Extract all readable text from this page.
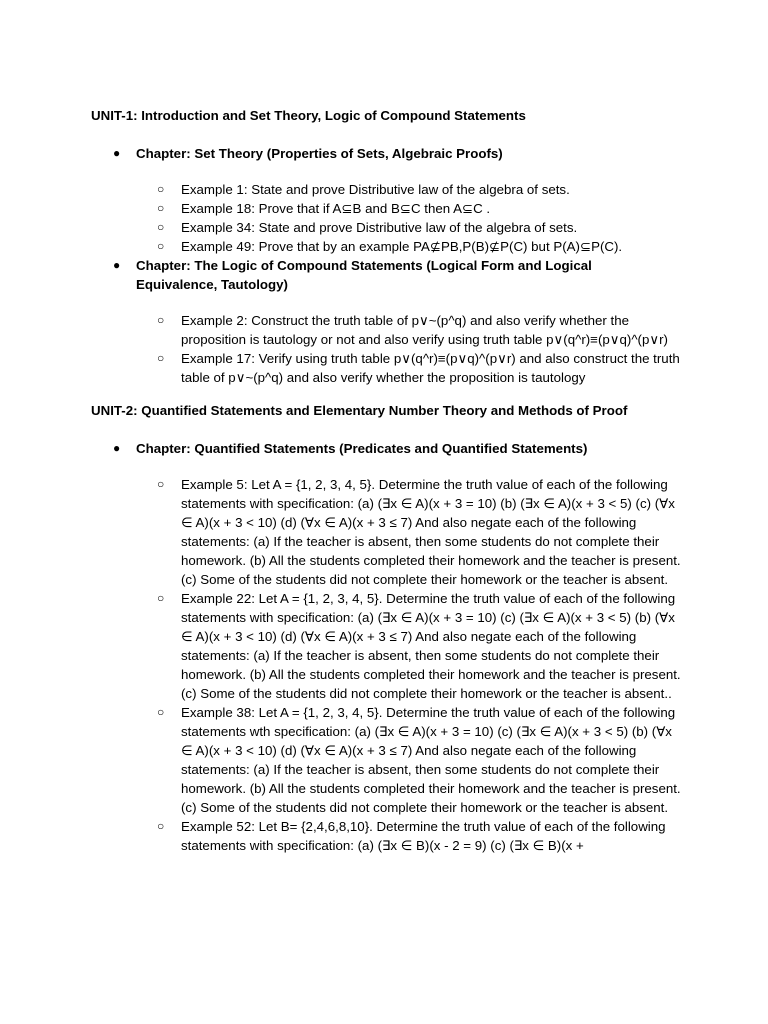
UNIT-1: Introduction and Set Theory, Logic of Compound Statements
● Chapter: Set Theory (Properties of Sets, Algebraic Proofs)
○ Example 1: State and prove Distributive law of the algebra of sets.
○ Example 18: Prove that if A⊆B and B⊆C then A⊆C .
○ Example 34: State and prove Distributive law of the algebra of sets.
○ Example 49: Prove that by an example PA⊈PB,P(B)⊈P(C) but P(A)⊆P(C).
● Chapter: The Logic of Compound Statements (Logical Form and Logical Equivalence, Tautology)
○ Example 2: Construct the truth table of p∨~(p^q) and also verify whether the proposition is tautology or not and also verify using truth table p∨(q^r)≡(p∨q)^(p∨r)
○ Example 17: Verify using truth table p∨(q^r)≡(p∨q)^(p∨r) and also construct the truth table of p∨~(p^q) and also verify whether the proposition is tautology
UNIT-2: Quantified Statements and Elementary Number Theory and Methods of Proof
● Chapter: Quantified Statements (Predicates and Quantified Statements)
○ Example 5: Let A = {1, 2, 3, 4, 5}. Determine the truth value of each of the following statements with specification: (a) (∃x ∈ A)(x + 3 = 10) (b) (∃x ∈ A)(x + 3 < 5) (c) (∀x ∈ A)(x + 3 < 10) (d) (∀x ∈ A)(x + 3 ≤ 7) And also negate each of the following statements: (a) If the teacher is absent, then some students do not complete their homework. (b) All the students completed their homework and the teacher is present. (c) Some of the students did not complete their homework or the teacher is absent.
○ Example 22: Let A = {1, 2, 3, 4, 5}. Determine the truth value of each of the following statements with specification: (a) (∃x ∈ A)(x + 3 = 10) (c) (∃x ∈ A)(x + 3 < 5) (b) (∀x ∈ A)(x + 3 < 10) (d) (∀x ∈ A)(x + 3 ≤ 7) And also negate each of the following statements: (a) If the teacher is absent, then some students do not complete their homework. (b) All the students completed their homework and the teacher is present. (c) Some of the students did not complete their homework or the teacher is absent..
○ Example 38: Let A = {1, 2, 3, 4, 5}. Determine the truth value of each of the following statements wth specification: (a) (∃x ∈ A)(x + 3 = 10) (c) (∃x ∈ A)(x + 3 < 5) (b) (∀x ∈ A)(x + 3 < 10) (d) (∀x ∈ A)(x + 3 ≤ 7) And also negate each of the following statements: (a) If the teacher is absent, then some students do not complete their homework. (b) All the students completed their homework and the teacher is present. (c) Some of the students did not complete their homework or the teacher is absent.
○ Example 52: Let B= {2,4,6,8,10}. Determine the truth value of each of the following statements with specification: (a) (∃x ∈ B)(x - 2 = 9) (c) (∃x ∈ B)(x +
